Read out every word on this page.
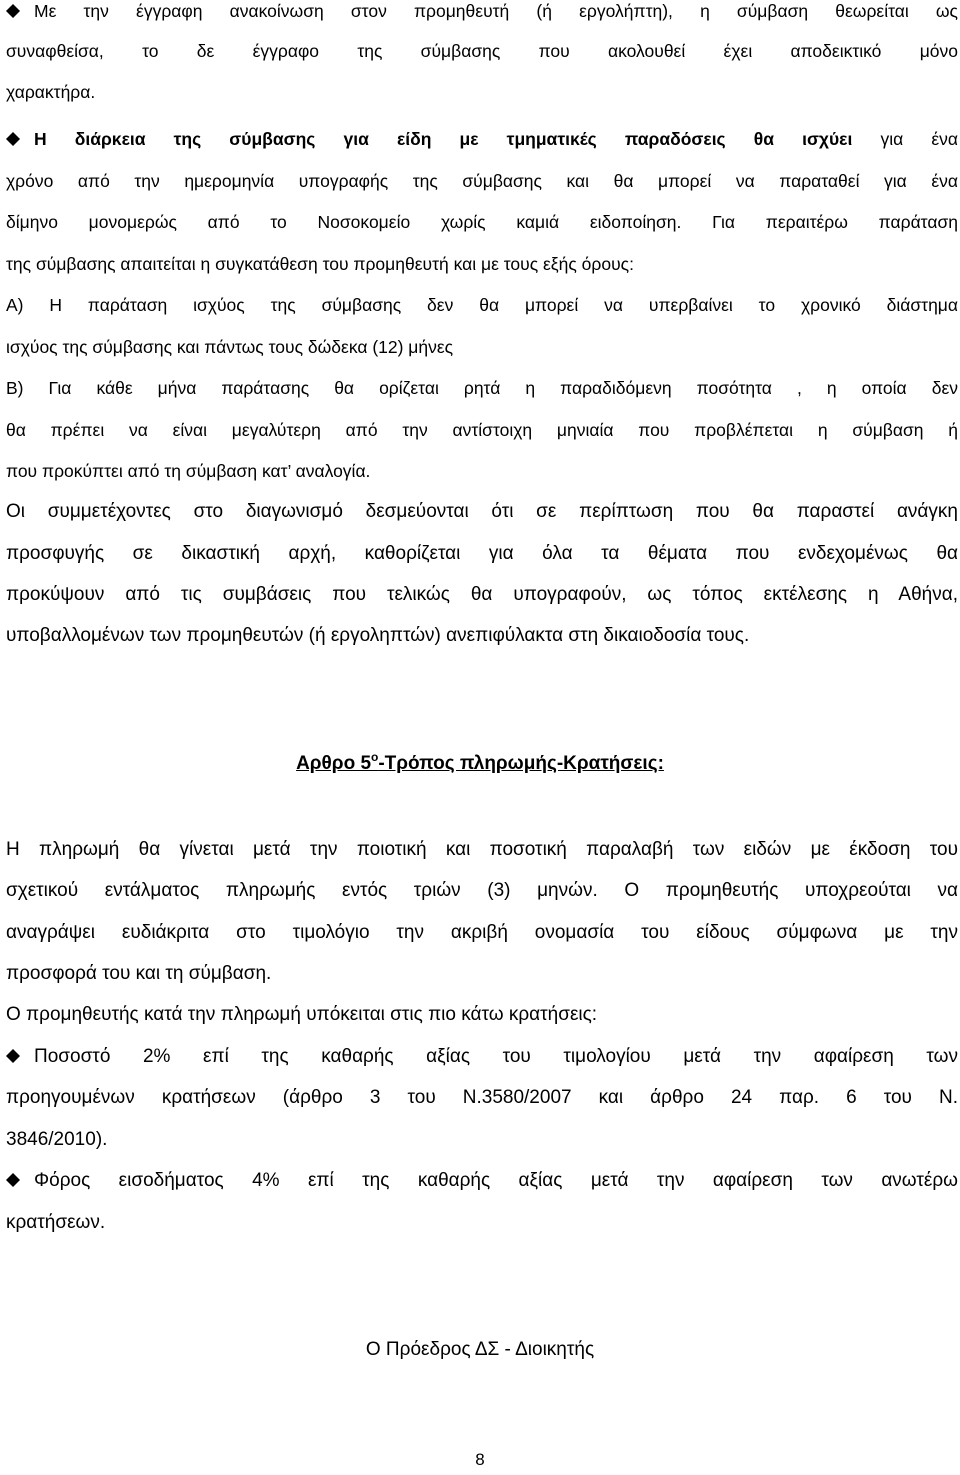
Με την έγγραφη ανακοίνωση στον προμηθευτή (ή εργολήπτη), η σύμβαση θεωρείται ως
συναφθείσα, το δε έγγραφο της σύμβασης που ακολουθεί έχει αποδεικτικό μόνο
χαρακτήρα.
Η διάρκεια της σύμβασης για είδη με τμηματικές παραδόσεις θα ισχύει για ένα
χρόνο από την ημερομηνία υπογραφής της σύμβασης και θα μπορεί να παραταθεί για ένα
δίμηνο μονομερώς από το Νοσοκομείο χωρίς καμιά ειδοποίηση. Για περαιτέρω παράταση
της σύμβασης απαιτείται η συγκατάθεση του προμηθευτή και με τους εξής όρους:
Α) Η παράταση ισχύος της σύμβασης δεν θα μπορεί να υπερβαίνει το χρονικό διάστημα
ισχύος της σύμβασης και πάντως τους δώδεκα (12) μήνες
Β) Για κάθε μήνα παράτασης θα ορίζεται ρητά η παραδιδόμενη ποσότητα , η οποία δεν
θα πρέπει να είναι μεγαλύτερη από την αντίστοιχη μηνιαία που προβλέπεται η σύμβαση ή
που προκύπτει από τη σύμβαση κατ’ αναλογία.
Οι συμμετέχοντες στο διαγωνισμό δεσμεύονται ότι σε περίπτωση που θα παραστεί ανάγκη
προσφυγής σε δικαστική αρχή, καθορίζεται για όλα τα θέματα που ενδεχομένως θα
προκύψουν από τις συμβάσεις που τελικώς θα υπογραφούν, ως τόπος εκτέλεσης η Αθήνα,
υποβαλλομένων των προμηθευτών (ή εργοληπτών) ανεπιφύλακτα στη δικαιοδοσία τους.
Αρθρο $5^o$-Τρόπος πληρωμής-Κρατήσεις:
Η πληρωμή θα γίνεται μετά την ποιοτική και ποσοτική παραλαβή των ειδών με έκδοση του
σχετικού εντάλματος πληρωμής εντός τριών (3) μηνών. Ο προμηθευτής υποχρεούται να
αναγράψει ευδιάκριτα στο τιμολόγιο την ακριβή ονομασία του είδους σύμφωνα με την
προσφορά του και τη σύμβαση.
Ο προμηθευτής κατά την πληρωμή υπόκειται στις πιο κάτω κρατήσεις:
Ποσοστό 2% επί της καθαρής αξίας του τιμολογίου μετά την αφαίρεση των
προηγουμένων κρατήσεων (άρθρο 3 του Ν.3580/2007 και άρθρο 24 παρ. 6 του Ν.
3846/2010).
Φόρος εισοδήματος 4% επί της καθαρής αξίας μετά την αφαίρεση των ανωτέρω
κρατήσεων.
Ο Πρόεδρος ΔΣ - Διοικητής
8
